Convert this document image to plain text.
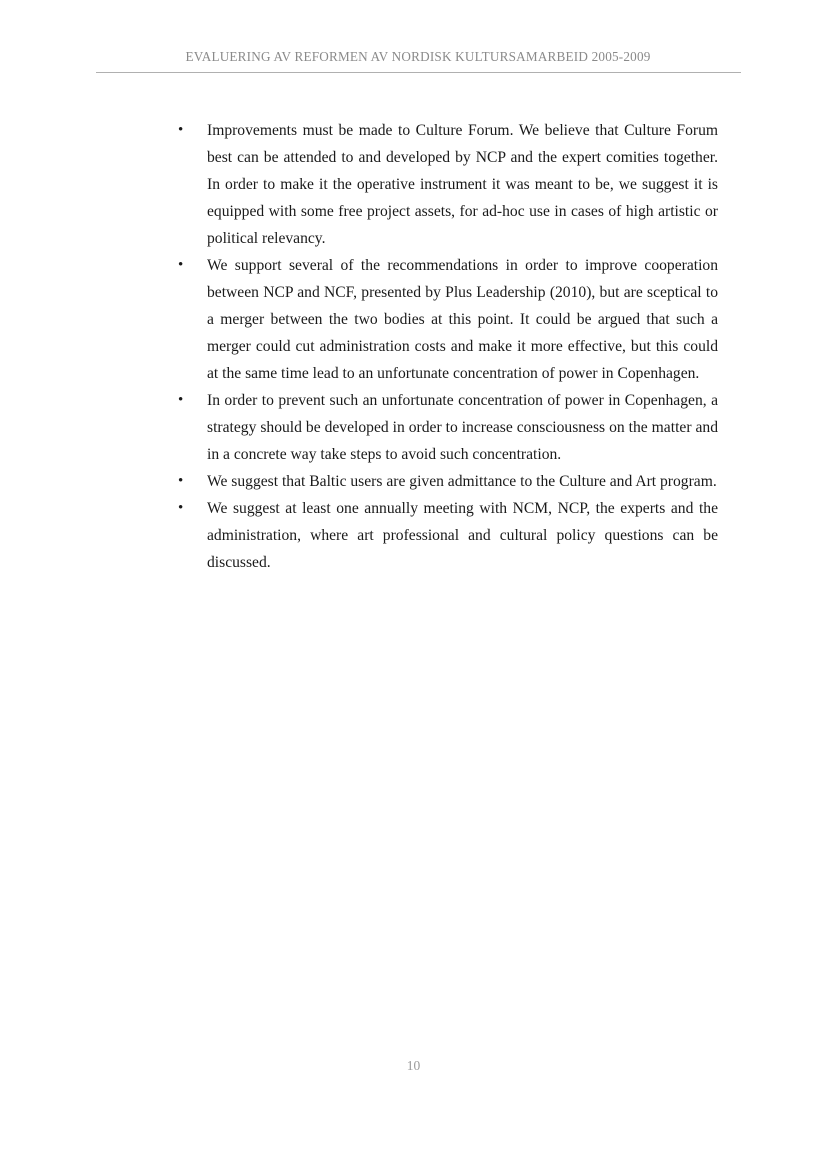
EVALUERING AV REFORMEN AV NORDISK KULTURSAMARBEID 2005-2009
•	Improvements must be made to Culture Forum. We believe that Culture Forum best can be attended to and developed by NCP and the expert comities together. In order to make it the operative instrument it was meant to be, we suggest it is equipped with some free project assets, for ad-hoc use in cases of high artistic or political relevancy.
•	We support several of the recommendations in order to improve cooperation between NCP and NCF, presented by Plus Leadership (2010), but are sceptical to a merger between the two bodies at this point. It could be argued that such a merger could cut administration costs and make it more effective, but this could at the same time lead to an unfortunate concentration of power in Copenhagen.
•	In order to prevent such an unfortunate concentration of power in Copenhagen, a strategy should be developed in order to increase consciousness on the matter and in a concrete way take steps to avoid such concentration.
•	We suggest that Baltic users are given admittance to the Culture and Art program.
•	We suggest at least one annually meeting with NCM, NCP, the experts and the administration, where art professional and cultural policy questions can be discussed.
10
